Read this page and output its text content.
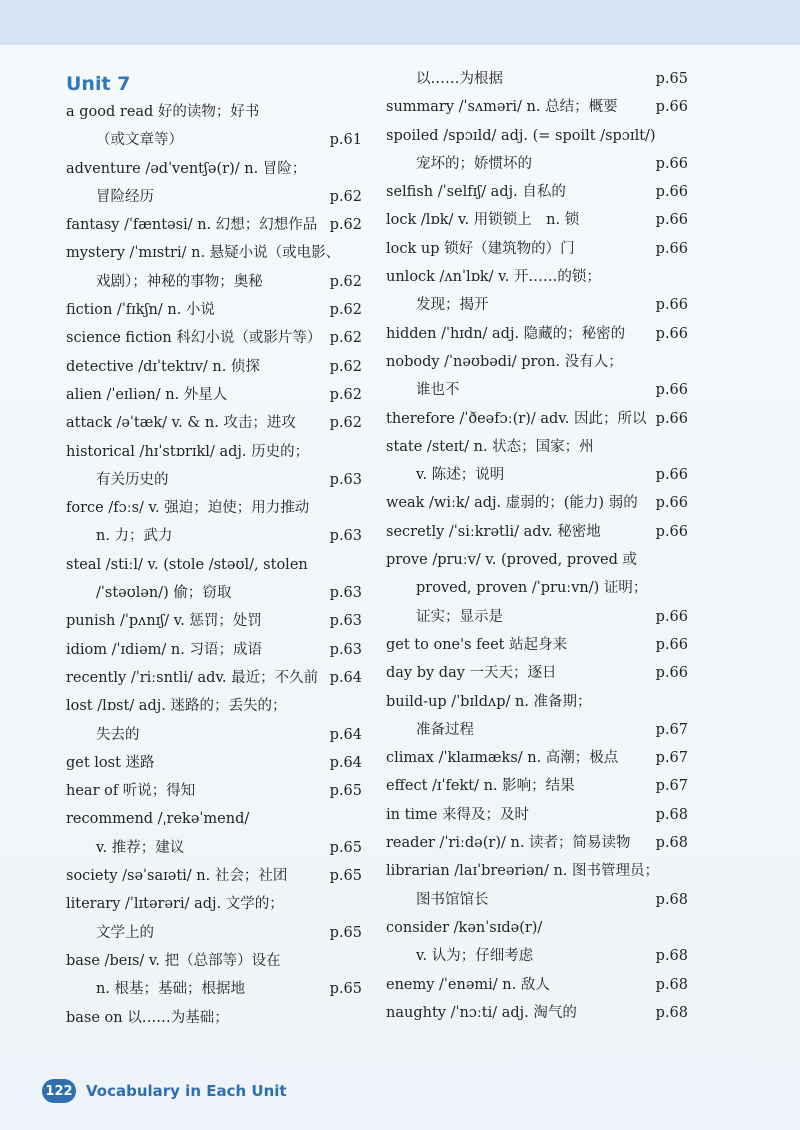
Unit 7
a good read 好的读物；好书
（或文章等）	p.61
adventure /ədˈventʃə(r)/ n. 冒险；
冒险经历	p.62
fantasy /ˈfæntəsi/ n. 幻想；幻想作品 p.62
mystery /ˈmɪstri/ n. 悬疑小说（或电影、
戏剧）；神秘的事物；奥秘	p.62
fiction /ˈfɪkʃn/ n. 小说	p.62
science fiction 科幻小说（或影片等） p.62
detective /dɪˈtektɪv/ n. 侦探	p.62
alien /ˈeɪliən/ n. 外星人	p.62
attack /əˈtæk/ v. & n. 攻击；进攻 p.62
historical /hɪˈstɒrɪkl/ adj. 历史的；
有关历史的	p.63
force /fɔːs/ v. 强迫；迫使；用力推动
n. 力；武力	p.63
steal /stiːl/ v. (stole /stəʊl/, stolen
/ˈstəʊlən/) 偷；窃取	p.63
punish /ˈpʌnɪʃ/ v. 惩罚；处罚	p.63
idiom /ˈɪdiəm/ n. 习语；成语	p.63
recently /ˈriːsntli/ adv. 最近；不久前 p.64
lost /lɒst/ adj. 迷路的；丢失的；
失去的	p.64
get lost 迷路	p.64
hear of 听说；得知	p.65
recommend /ˌrekəˈmend/
v. 推荐；建议	p.65
society /səˈsaɪəti/ n. 社会；社团	p.65
literary /ˈlɪtərəri/ adj. 文学的；
文学上的	p.65
base /beɪs/ v. 把（总部等）设在
n. 根基；基础；根据地	p.65
base on 以……为基础；
以……为根据	p.65
summary /ˈsʌməri/ n. 总结；概要	p.66
spoiled /spɔɪld/ adj. (= spoilt /spɔɪlt/)
宠坏的；娇惯坏的	p.66
selfish /ˈselfɪʃ/ adj. 自私的	p.66
lock /lɒk/ v. 用锁锁上　n. 锁	p.66
lock up 锁好（建筑物的）门	p.66
unlock /ʌnˈlɒk/ v. 开……的锁；
发现；揭开	p.66
hidden /ˈhɪdn/ adj. 隐藏的；秘密的 p.66
nobody /ˈnəʊbədi/ pron. 没有人；
谁也不	p.66
therefore /ˈðeəfɔː(r)/ adv. 因此；所以 p.66
state /steɪt/ n. 状态；国家；州
v. 陈述；说明	p.66
weak /wiːk/ adj. 虚弱的；(能力) 弱的 p.66
secretly /ˈsiːkrətli/ adv. 秘密地	p.66
prove /pruːv/ v. (proved, proved 或
proved, proven /ˈpruːvn/) 证明；
证实；显示是	p.66
get to one's feet 站起身来	p.66
day by day 一天天；逐日	p.66
build-up /ˈbɪldʌp/ n. 准备期；
准备过程	p.67
climax /ˈklaɪmæks/ n. 高潮；极点	p.67
effect /ɪˈfekt/ n. 影响；结果	p.67
in time 来得及；及时	p.68
reader /ˈriːdə(r)/ n. 读者；简易读物 p.68
librarian /laɪˈbreəriən/ n. 图书管理员；
图书馆馆长	p.68
consider /kənˈsɪdə(r)/
v. 认为；仔细考虑	p.68
enemy /ˈenəmi/ n. 敌人	p.68
naughty /ˈnɔːti/ adj. 淘气的	p.68
122 Vocabulary in Each Unit
